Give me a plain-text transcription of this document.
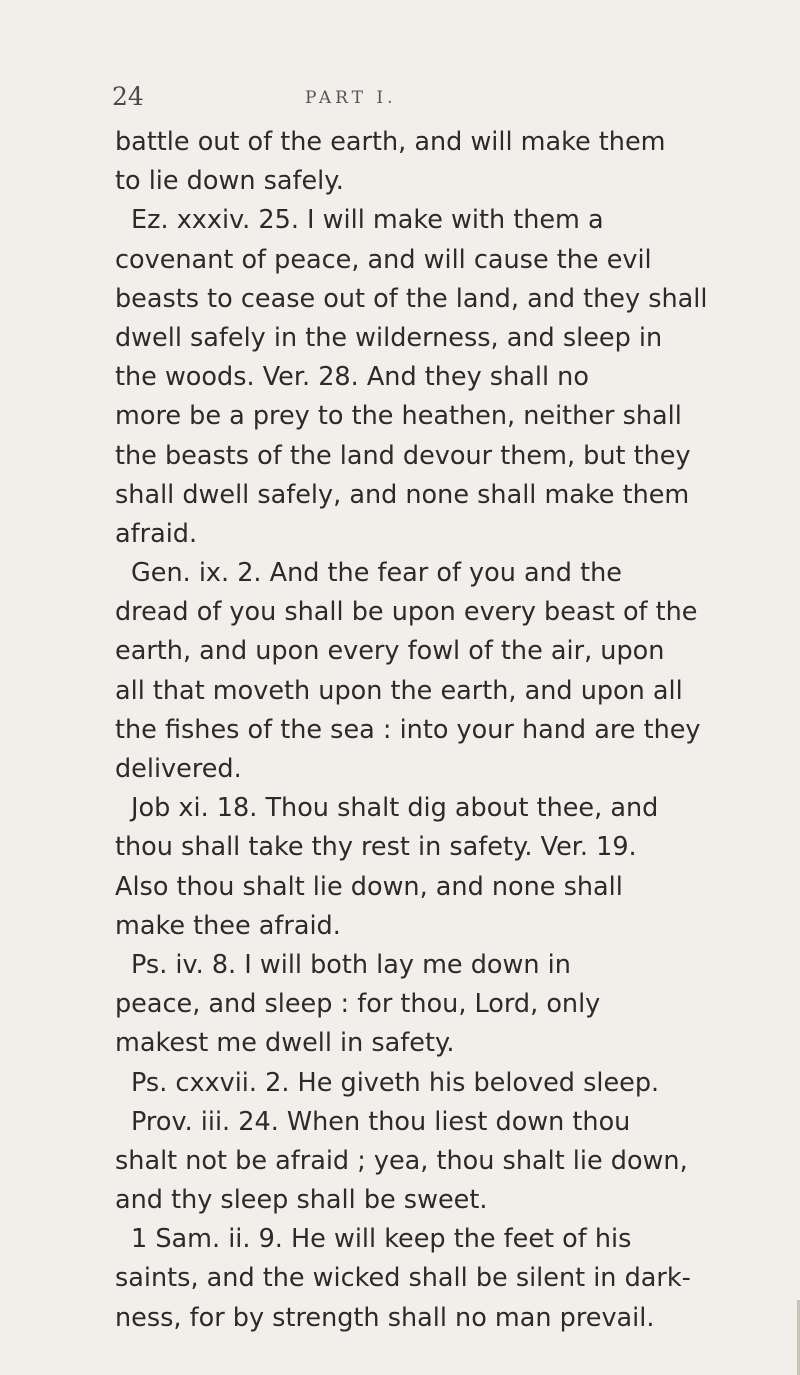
24	PART I.
battle out of the earth, and will make them
to lie down safely.
Ez. xxxiv. 25. I will make with them a
covenant of peace, and will cause the evil
beasts to cease out of the land, and they shall
dwell safely in the wilderness, and sleep in
the woods. Ver. 28. And they shall no
more be a prey to the heathen, neither shall
the beasts of the land devour them, but they
shall dwell safely, and none shall make them
afraid.
Gen. ix. 2. And the fear of you and the
dread of you shall be upon every beast of the
earth, and upon every fowl of the air, upon
all that moveth upon the earth, and upon all
the fishes of the sea : into your hand are they
delivered.
Job xi. 18. Thou shalt dig about thee, and
thou shall take thy rest in safety. Ver. 19.
Also thou shalt lie down, and none shall
make thee afraid.
Ps. iv. 8. I will both lay me down in
peace, and sleep : for thou, Lord, only
makest me dwell in safety.
Ps. cxxvii. 2. He giveth his beloved sleep.
Prov. iii. 24. When thou liest down thou
shalt not be afraid ; yea, thou shalt lie down,
and thy sleep shall be sweet.
1 Sam. ii. 9. He will keep the feet of his
saints, and the wicked shall be silent in dark-
ness, for by strength shall no man prevail.
